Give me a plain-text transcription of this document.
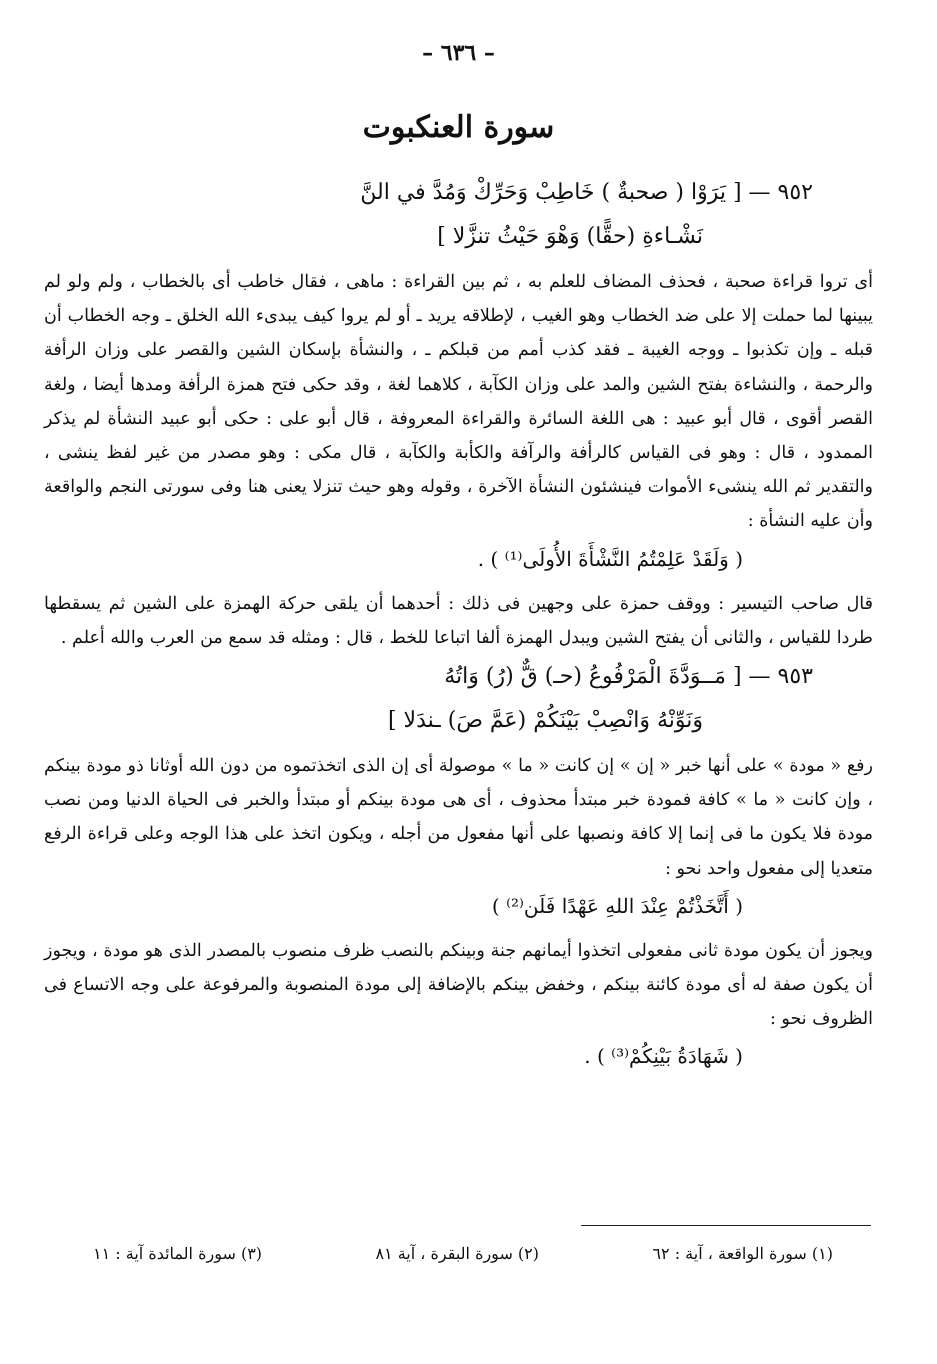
– ٦٣٦ –
سورة العنكبوت
٩٥٢ — [ يَرَوْا ( صحبةٌ ) خَاطِبْ وَحَرِّكْ وَمُدَّ في النَّ
نَشْـاءةِ (حقًّا) وَهْوَ حَيْثُ تنزَّلا ]

أى تروا قراءة صحبة ، فحذف المضاف للعلم به ، ثم بين القراءة : ماهى ، فقال خاطب أى بالخطاب ، ولم ولو لم يبينها لما حملت إلا على ضد الخطاب وهو الغيب ، لإطلاقه يريد ـ أو لم يروا كيف يبدىء الله الخلق ـ وجه الخطاب أن قبله ـ وإن تكذبوا ـ ووجه الغيبة ـ فقد كذب أمم من قبلكم ـ ، والنشأة بإسكان الشين والقصر على وزان الرأفة والرحمة ، والنشاءة بفتح الشين والمد على وزان الكآبة ، كلاهما لغة ، وقد حكى فتح همزة الرأفة ومدها أيضا ، ولغة القصر أقوى ، قال أبو عبيد : هى اللغة السائرة والقراءة المعروفة ، قال أبو على : حكى أبو عبيد النشأة لم يذكر الممدود ، قال : وهو فى القياس كالرأفة والرآفة والكأبة والكآبة ، قال مكى : وهو مصدر من غير لفظ ينشى ، والتقدير ثم الله ينشىء الأموات فينشئون النشأة الآخرة ، وقوله وهو حيث تنزلا يعنى هنا وفى سورتى النجم والواقعة وأن عليه النشأة :

( وَلَقَدْ عَلِمْتُمُ النَّشْأَةَ الأُولَى⁽¹⁾ ) .

قال صاحب التيسير : ووقف حمزة على وجهين فى ذلك : أحدهما أن يلقى حركة الهمزة على الشين ثم يسقطها طردا للقياس ، والثانى أن يفتح الشين ويبدل الهمزة ألفا اتباعا للخط ، قال : ومثله قد سمع من العرب والله أعلم .

٩٥٣ — [ مَــوَدَّةَ الْمَرْفُوعُ (حـ) قٌّ (رُ) وَاتُهُ
وَنَوِّنْهُ وَانْصِبْ بَيْنَكُمْ (عَمَّ صَ) ـندَلا ]

رفع « مودة » على أنها خبر « إن » إن كانت « ما » موصولة أى إن الذى اتخذتموه من دون الله أوثانا ذو مودة بينكم ، وإن كانت « ما » كافة فمودة خبر مبتدأ محذوف ، أى هى مودة بينكم أو مبتدأ والخبر فى الحياة الدنيا ومن نصب مودة فلا يكون ما فى إنما إلا كافة ونصبها على أنها مفعول من أجله ، ويكون اتخذ على هذا الوجه وعلى قراءة الرفع متعديا إلى مفعول واحد نحو :

( أَتَّخَذْتُمْ عِنْدَ اللهِ عَهْدًا فَلَن⁽²⁾ )

ويجوز أن يكون مودة ثانى مفعولى اتخذوا أيمانهم جنة وبينكم بالنصب ظرف منصوب بالمصدر الذى هو مودة ، ويجوز أن يكون صفة له أى مودة كائنة بينكم ، وخفض بينكم بالإضافة إلى مودة المنصوبة والمرفوعة على وجه الاتساع فى الظروف نحو :

( شَهَادَةُ بَيْنِكُمْ⁽³⁾ ) .
(١) سورة الواقعة ، آية : ٦٢
(٢) سورة البقرة ، آية ٨١
(٣) سورة المائدة آية : ١١
